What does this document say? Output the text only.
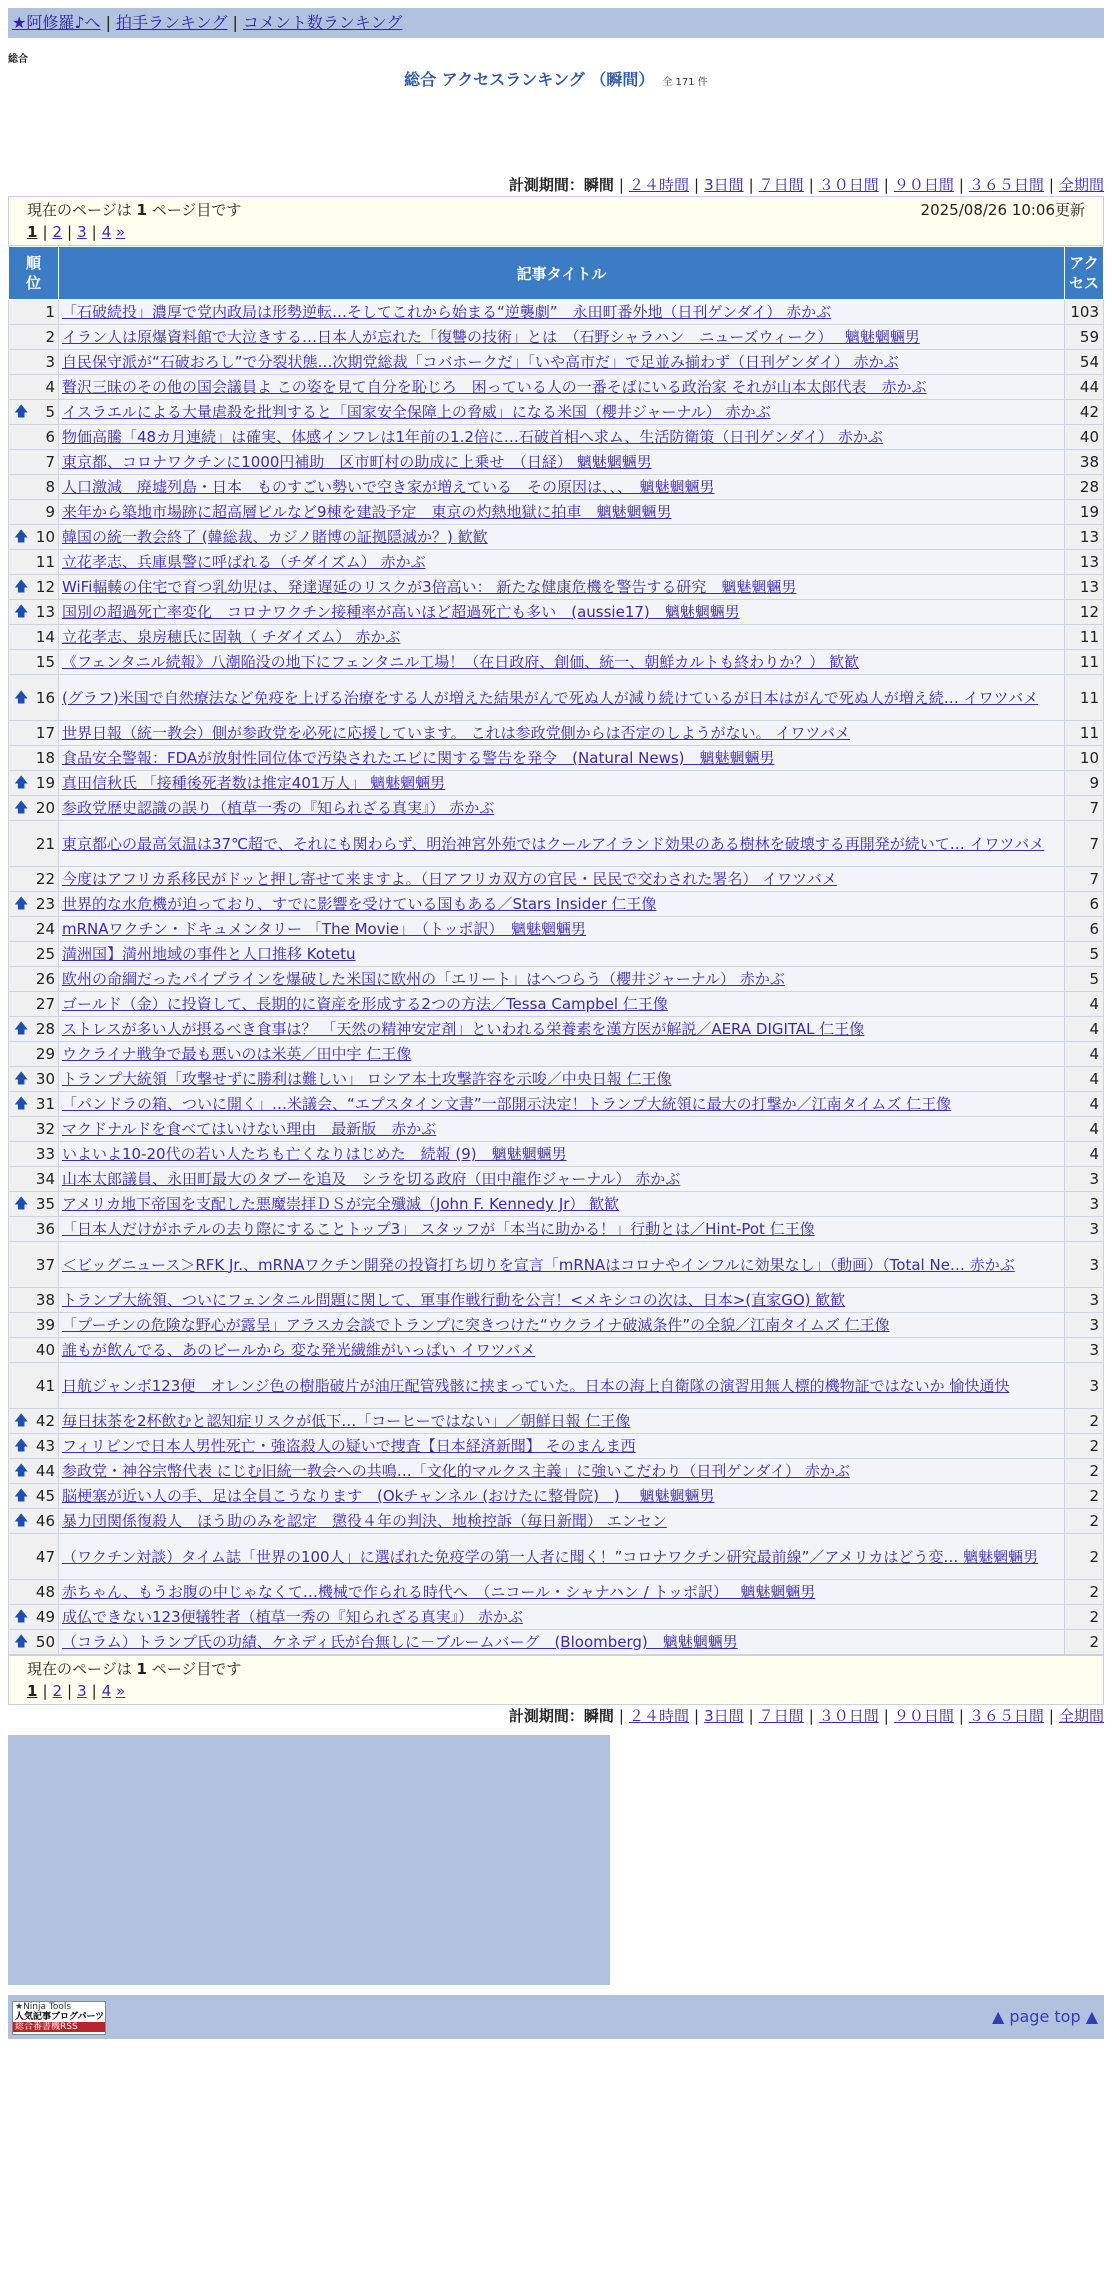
★阿修羅♪へ | 拍手ランキング | コメント数ランキング
総合
総合 アクセスランキング （瞬間） 全 171 件
計測期間：瞬間 | ２４時間 | 3日間 | ７日間 | ３０日間 | ９０日間 | ３６５日間 | 全期間
現在のページは 1 ページ目です	2025/08/26 10:06更新
1 | 2 | 3 | 4 »
順位	記事タイトル	アクセス
1	「石破続投」濃厚で党内政局は形勢逆転…そしてこれから始まる“逆襲劇”　永田町番外地（日刊ゲンダイ） 赤かぶ	103
2	イラン人は原爆資料館で大泣きする…日本人が忘れた「復讐の技術」とは　（石野シャラハン　ニューズウィーク）　 魑魅魍魎男	59
3	自民保守派が“石破おろし”で分裂状態…次期党総裁「コバホークだ」「いや高市だ」で足並み揃わず（日刊ゲンダイ） 赤かぶ	54
4	贅沢三昧のその他の国会議員よ この姿を見て自分を恥じろ　困っている人の一番そばにいる政治家 それが山本太郎代表　赤かぶ	44

🡅 5	イスラエルによる大量虐殺を批判すると「国家安全保障上の脅威」になる米国（櫻井ジャーナル） 赤かぶ	42
6	物価高騰「48カ月連続」は確実、体感インフレは1年前の1.2倍に…石破首相へ求ム、生活防衛策（日刊ゲンダイ） 赤かぶ	40
7	東京都、コロナワクチンに1000円補助　区市町村の助成に上乗せ　（日経） 魑魅魍魎男	38
8	人口激減　廃墟列島・日本　ものすごい勢いで空き家が増えている　その原因は、、、　魑魅魍魎男	28
9	来年から築地市場跡に超高層ビルなど9棟を建設予定　東京の灼熱地獄に拍車　魑魅魍魎男	19

🡅 10	韓国の統一教会終了 (韓総裁、カジノ賭博の証拠隠滅か？) 歓歓	13
11	立花孝志、兵庫県警に呼ばれる（チダイズム） 赤かぶ	13

🡅 12	WiFi輻輳の住宅で育つ乳幼児は、発達遅延のリスクが3倍高い： 新たな健康危機を警告する研究　魑魅魍魎男	13

🡅 13	国別の超過死亡率変化　コロナワクチン接種率が高いほど超過死亡も多い　(aussie17)　魑魅魍魎男	12
14	立花孝志、泉房穂氏に固執（ チダイズム） 赤かぶ	11
15	《フェンタニル続報》八潮陥没の地下にフェンタニル工場！（在日政府、創価、統一、朝鮮カルトも終わりか？） 歓歓	11

🡅 16	(グラフ)米国で自然療法など免疫を上げる治療をする人が増えた結果がんで死ぬ人が減り続けているが日本はがんで死ぬ人が増え続… イワツバメ	11
17	世界日報（統一教会）側が参政党を必死に応援しています。 これは参政党側からは否定のしようがない。 イワツバメ	11
18	食品安全警報：FDAが放射性同位体で汚染されたエビに関する警告を発令　(Natural News)　魑魅魍魎男	10

🡅 19	真田信秋氏 「接種後死者数は推定401万人」 魑魅魍魎男	9

🡅 20	参政党歴史認識の誤り（植草一秀の『知られざる真実』） 赤かぶ	7
21	東京都心の最高気温は37℃超で、それにも関わらず、明治神宮外苑ではクールアイランド効果のある樹林を破壊する再開発が続いて… イワツバメ	7
22	今度はアフリカ系移民がドッと押し寄せて来ますよ。（日アフリカ双方の官民・民民で交わされた署名） イワツバメ	7

🡅 23	世界的な水危機が迫っており、すでに影響を受けている国もある／Stars Insider 仁王像	6
24	mRNAワクチン・ドキュメンタリー 「The Movie」　（トッポ訳）　魑魅魍魎男	6
25	満洲国】満州地域の事件と人口推移 Kotetu	5
26	欧州の命綱だったパイプラインを爆破した米国に欧州の「エリート」はへつらう（櫻井ジャーナル） 赤かぶ	5
27	ゴールド（金）に投資して、長期的に資産を形成する2つの方法／Tessa Campbel 仁王像	4

🡅 28	ストレスが多い人が摂るべき食事は？ 「天然の精神安定剤」といわれる栄養素を漢方医が解説／AERA DIGITAL 仁王像	4
29	ウクライナ戦争で最も悪いのは米英／田中宇 仁王像	4

🡅 30	トランプ大統領「攻撃せずに勝利は難しい」 ロシア本土攻撃許容を示唆／中央日報 仁王像	4

🡅 31	「パンドラの箱、ついに開く」…米議会、“エプスタイン文書”一部開示決定！トランプ大統領に最大の打撃か／江南タイムズ 仁王像	4
32	マクドナルドを食べてはいけない理由　最新版　赤かぶ	4
33	いよいよ10-20代の若い人たちも亡くなりはじめた　続報 (9)　魑魅魍魎男	4
34	山本太郎議員、永田町最大のタブーを追及　シラを切る政府（田中龍作ジャーナル） 赤かぶ	3

🡅 35	アメリカ地下帝国を支配した悪魔崇拝ＤＳが完全殲滅（John F. Kennedy Jr） 歓歓	3
36	「日本人だけがホテルの去り際にすることトップ3」 スタッフが「本当に助かる！」行動とは／Hint-Pot 仁王像	3
37	＜ビッグニュース＞RFK Jr.、mRNAワクチン開発の投資打ち切りを宣言「mRNAはコロナやインフルに効果なし」（動画）（Total Ne… 赤かぶ	3
38	トランプ大統領、ついにフェンタニル問題に関して、軍事作戦行動を公言！<メキシコの次は、日本>(直家GO) 歓歓	3
39	「プーチンの危険な野心が露呈」アラスカ会談でトランプに突きつけた“ウクライナ破滅条件”の全貌／江南タイムズ 仁王像	3
40	誰もが飲んでる、あのビールから 変な発光繊維がいっぱい イワツバメ	3
41	日航ジャンボ123便　オレンジ色の樹脂破片が油圧配管残骸に挟まっていた。日本の海上自衛隊の演習用無人標的機物証ではないか 愉快通快	3

🡅 42	毎日抹茶を2杯飲むと認知症リスクが低下…「コーヒーではない」／朝鮮日報 仁王像	2

🡅 43	フィリピンで日本人男性死亡・強盗殺人の疑いで捜査【日本経済新聞】 そのまんま西	2

🡅 44	参政党・神谷宗幣代表 にじむ旧統一教会への共鳴…「文化的マルクス主義」に強いこだわり（日刊ゲンダイ） 赤かぶ	2

🡅 45	脳梗塞が近い人の手、足は全員こうなります　(Okチャンネル (おけたに整骨院)　)　 魑魅魍魎男	2

🡅 46	暴力団関係復殺人　ほう助のみを認定　懲役４年の判決、地検控訴（毎日新聞） エンセン	2
47	（ワクチン対談）タイム誌「世界の100人」に選ばれた免疫学の第一人者に聞く！”コロナワクチン研究最前線”／アメリカはどう変… 魑魅魍魎男	2
48	赤ちゃん、もうお腹の中じゃなくて…機械で作られる時代へ　（ニコール・シャナハン / トッポ訳）　 魑魅魍魎男	2

🡅 49	成仏できない123便犠牲者（植草一秀の『知られざる真実』） 赤かぶ	2

🡅 50	（コラム）トランプ氏の功績、ケネディ氏が台無しに－ブルームバーグ　(Bloomberg)　魑魅魍魎男	2
現在のページは 1 ページ目です
1 | 2 | 3 | 4 »
計測期間：瞬間 | ２４時間 | 3日間 | ７日間 | ３０日間 | ９０日間 | ３６５日間 | 全期間
★Ninja Tools
人気記事ブログパーツ
総合番書機RSS
▲ page top ▲
